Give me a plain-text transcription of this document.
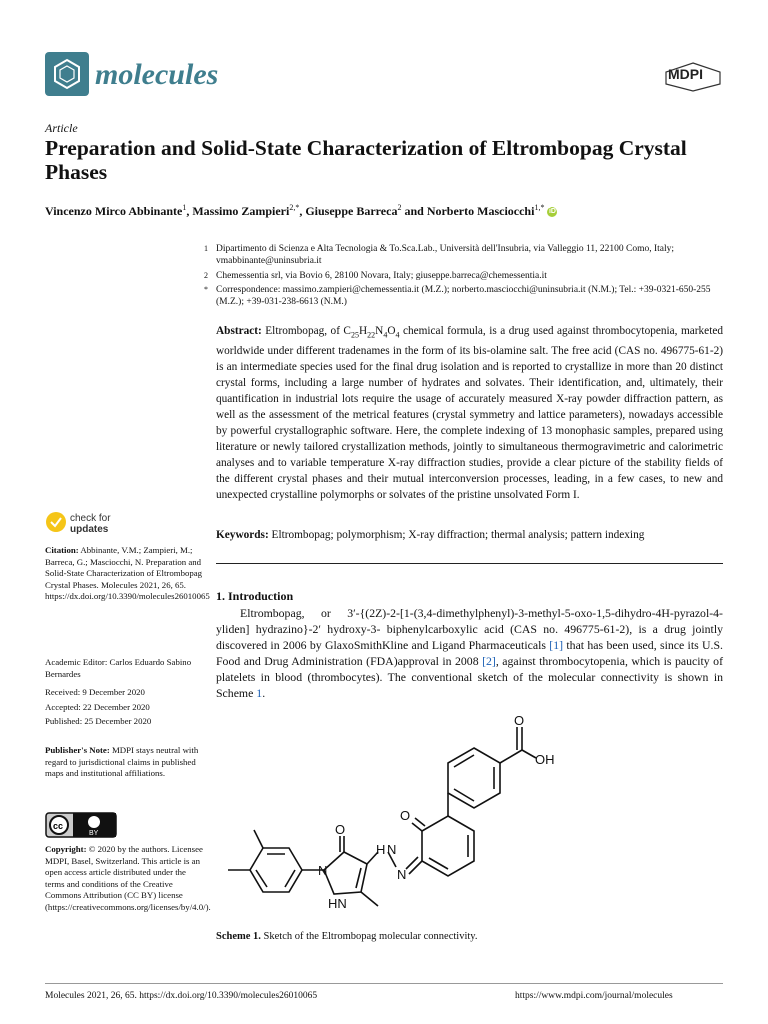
molecules	MDPI
Article
Preparation and Solid-State Characterization of Eltrombopag Crystal Phases
Vincenzo Mirco Abbinante$^1$, Massimo Zampieri$^{2,*}$, Giuseppe Barreca$^2$ and Norberto Masciocchi$^{1,*}$ iD
1 Dipartimento di Scienza e Alta Tecnologia & To.Sca.Lab., Università dell'Insubria, via Valleggio 11, 22100 Como, Italy; vmabbinante@uninsubria.it
2 Chemessentia srl, via Bovio 6, 28100 Novara, Italy; giuseppe.barreca@chemessentia.it
* Correspondence: massimo.zampieri@chemessentia.it (M.Z.); norberto.masciocchi@uninsubria.it (N.M.); Tel.: +39-0321-650-255 (M.Z.); +39-031-238-6613 (N.M.)
Abstract: Eltrombopag, of $C_{25}H_{22}N_4O_4$ chemical formula, is a drug used against thrombocytopenia, marketed worldwide under different tradenames in the form of its bis-olamine salt. The free acid (CAS no. 496775-61-2) is an intermediate species used for the final drug isolation and is reported to crystallize in more than 20 distinct crystal forms, including a large number of hydrates and solvates. Their identification, and, ultimately, their quantification in industrial lots require the usage of accurately measured X-ray powder diffraction pattern, as well as the assessment of the metrical features (crystal symmetry and lattice parameters), nowadays accessible by powerful crystallographic software. Here, the complete indexing of 13 monophasic samples, prepared using literature or newly tailored crystallization methods, jointly to simultaneous thermogravimetric and calorimetric analyses and to variable temperature X-ray diffraction studies, provide a clear picture of the stability fields of the different crystal phases and their mutual interconversion processes, leading, in a few cases, to new and unexpected crystalline polymorphs or solvates of the pristine unsolvated Form I.
Keywords: Eltrombopag; polymorphism; X-ray diffraction; thermal analysis; pattern indexing
1. Introduction
Eltrombopag, or 3′-{(2Z)-2-[1-(3,4-dimethylphenyl)-3-methyl-5-oxo-1,5-dihydro-4H-pyrazol-4-yliden] hydrazino}-2′ hydroxy-3- biphenylcarboxylic acid (CAS no. 496775-61-2), is a drug jointly discovered in 2006 by GlaxoSmithKline and Ligand Pharmaceuticals [1] that has been used, since its U.S. Food and Drug Administration (FDA)approval in 2008 [2], against thrombocytopenia, which is paucity of platelets in blood (thrombocytes). The conventional sketch of the molecular connectivity is shown in Scheme 1.
check for
updates
Citation: Abbinante, V.M.; Zampieri, M.; Barreca, G.; Masciocchi, N. Preparation and Solid-State Characterization of Eltrombopag Crystal Phases. Molecules 2021, 26, 65. https://dx.doi.org/10.3390/molecules26010065
Academic Editor: Carlos Eduardo Sabino Bernardes
Received: 9 December 2020
Accepted: 22 December 2020
Published: 25 December 2020
Publisher's Note: MDPI stays neutral with regard to jurisdictional claims in published maps and institutional affiliations.
cc
BY
Copyright: © 2020 by the authors. Licensee MDPI, Basel, Switzerland. This article is an open access article distributed under the terms and conditions of the Creative Commons Attribution (CC BY) license (https://creativecommons.org/licenses/by/4.0/).
O
OH
O
O
N
H N
N
HN
Scheme 1. Sketch of the Eltrombopag molecular connectivity.
Molecules 2021, 26, 65. https://dx.doi.org/10.3390/molecules26010065	https://www.mdpi.com/journal/molecules
